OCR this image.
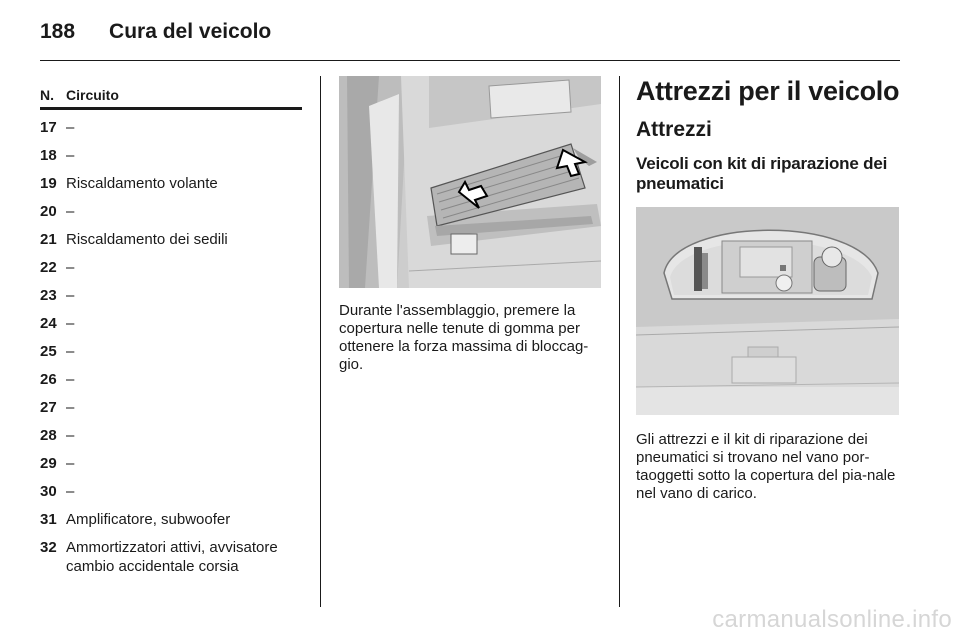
188 Cura del veicolo
N. Circuito
17 –
18 –
19 Riscaldamento volante
20 –
21 Riscaldamento dei sedili
22 –
23 –
24 –
25 –
26 –
27 –
28 –
29 –
30 –
31 Amplificatore, subwoofer
32 Ammortizzatori attivi, avvisatore cambio accidentale corsia
Durante l'assemblaggio, premere la copertura nelle tenute di gomma per ottenere la forza massima di bloccag-gio.
Attrezzi per il veicolo
Attrezzi
Veicoli con kit di riparazione dei pneumatici
Gli attrezzi e il kit di riparazione dei pneumatici si trovano nel vano por-taoggetti sotto la copertura del pia-nale nel vano di carico.
carmanualsonline.info
